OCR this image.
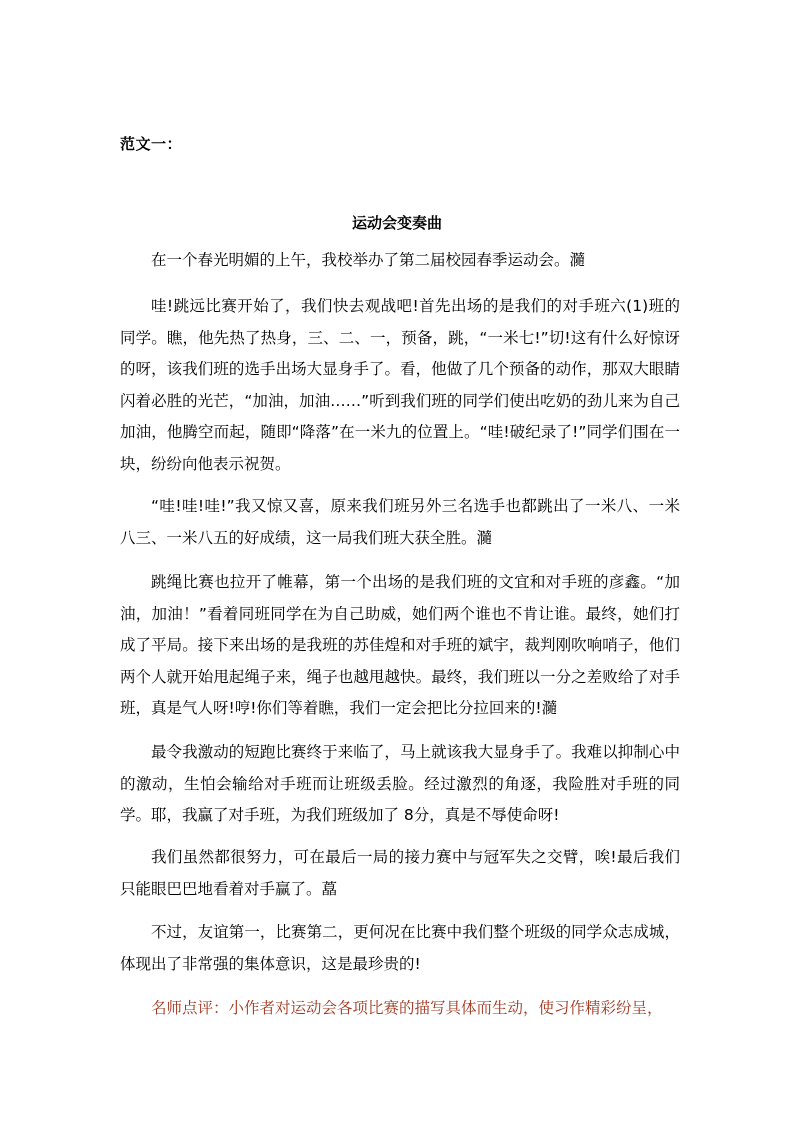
范文一：
运动会变奏曲

在一个春光明媚的上午，我校举办了第二届校园春季运动会。瀡

哇!跳远比赛开始了，我们快去观战吧!首先出场的是我们的对手班六(1)班的同学。瞧，他先热了热身，三、二、一，预备，跳，“一米七!”切!这有什么好惊讶的呀，该我们班的选手出场大显身手了。看，他做了几个预备的动作，那双大眼睛闪着必胜的光芒，“加油，加油……”听到我们班的同学们使出吃奶的劲儿来为自己加油，他腾空而起，随即“降落”在一米九的位置上。“哇!破纪录了!”同学们围在一块，纷纷向他表示祝贺。

“哇!哇!哇!”我又惊又喜，原来我们班另外三名选手也都跳出了一米八、一米八三、一米八五的好成绩，这一局我们班大获全胜。瀡

跳绳比赛也拉开了帷幕，第一个出场的是我们班的文宜和对手班的彦鑫。“加油，加油！”看着同班同学在为自己助威，她们两个谁也不肯让谁。最终，她们打成了平局。接下来出场的是我班的苏佳煌和对手班的斌宇，裁判刚吹响哨子，他们两个人就开始甩起绳子来，绳子也越甩越快。最终，我们班以一分之差败给了对手班，真是气人呀!哼!你们等着瞧，我们一定会把比分拉回来的!瀡

最令我激动的短跑比赛终于来临了，马上就该我大显身手了。我难以抑制心中的激动，生怕会输给对手班而让班级丢脸。经过激烈的角逐，我险胜对手班的同学。耶，我赢了对手班，为我们班级加了 8分，真是不辱使命呀!

我们虽然都很努力，可在最后一局的接力赛中与冠军失之交臂，唉!最后我们只能眼巴巴地看着对手赢了。藠

不过，友谊第一，比赛第二，更何况在比赛中我们整个班级的同学众志成城，体现出了非常强的集体意识，这是最珍贵的!

名师点评：小作者对运动会各项比赛的描写具体而生动，使习作精彩纷呈，
